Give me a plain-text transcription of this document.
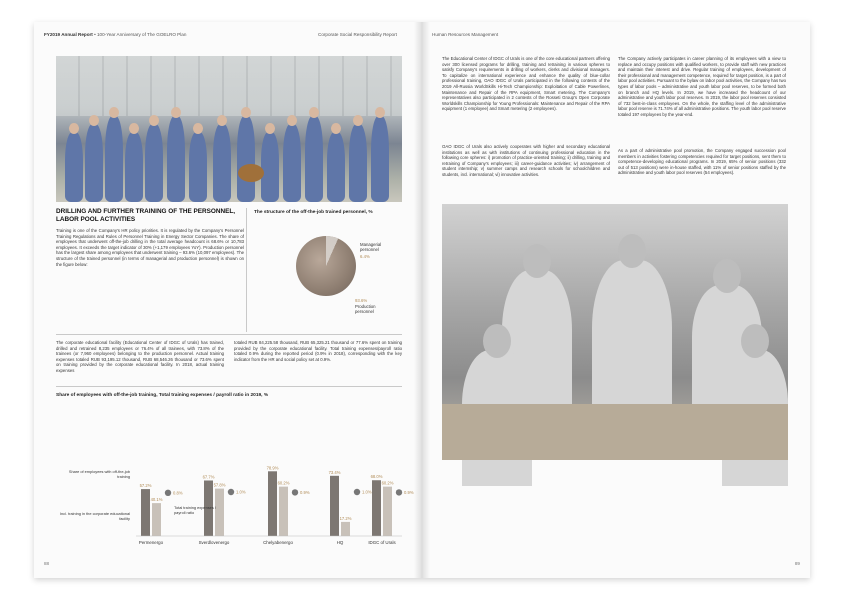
FY2019 Annual Report • 100-Year Anniversary of The GOELRO Plan	Corporate Social Responsibility Report
DRILLING AND FURTHER TRAINING OF THE PERSONNEL, LABOR POOL ACTIVITIES
Training is one of the Company's HR policy priorities. It is regulated by the Company's Personnel Training Regulations and Rules of Personnel Training in Energy Sector Companies. The share of employees that underwent off-the-job drilling in the total average headcount is 68.6% or 10,783 employees. It exceeds the target indicator of 30% (+1,179 employees YoY). Production personnel has the largest share among employees that underwent training – 93.6% (10,097 employees). The structure of the trained personnel (in terms of managerial and production personnel) is shown on the figure below:
The structure of the off-the-job trained personnel, %
Managerial personnel
6.4%
93.6%
Production personnel
The corporate educational facility (Educational Center of IDGC of Urals) has trained, drilled and retrained 8,235 employees or 76.4% of all trainees, with 73.8% of the trainees (or 7,960 employees) belonging to the production personnel. Actual training expenses totaled RUB 93,195.12 thousand, RUB 68,546.26 thousand or 73.6% spent on training provided by the corporate educational facility. In 2018, actual training expenses
totaled RUB 84,225.58 thousand, RUB 65,325.21 thousand or 77.6% spent on training provided by the corporate educational facility. Total training expenses/payroll ratio totaled 0.9% during the reported period (0.9% in 2018), corresponding with the key indicator from the HR and social policy set at 0.9%.
Share of employees with off-the-job training, Total training expenses / payroll ratio in 2019, %
57.2%
40.1%
0.8%
Permenergo
67.7%
57.8%
1.0%
Sverdlovenergo
78.9%
60.2%
0.9%
Chelyabenergo
73.4%
17.2%
1.0%
HQ
68.0%
60.2%
0.9%
IDGC of Urals
Share of employees with off-the-job training
Incl. training in the corporate educational facility
Total training expenses / payroll ratio
88
Human Resources Management
The Educational Center of IDGC of Urals is one of the core educational partners offering over 300 licensed programs for drilling, training and retraining in various spheres to satisfy Company's requirements in drilling of workers, clerks and divisional managers. To capitalize on international experience and enhance the quality of blue-collar professional training, OAO IDGC of Urals participated in the following contests of the 2019 All-Russia WorldSkills Hi-Tech Championship: Exploitation of Cable Powerlines, Maintenance and Repair of the RPA equipment, Smart metering. The Company's representatives also participated in 2 contests of the Rosseti Group's Open Corporate Worldskills Championship for Young Professionals: Maintenance and Repair of the RPA equipment (1 employee) and Smart metering (2 employees).
OAO IDGC of Urals also actively cooperates with higher and secondary educational institutions as well as with institutions of continuing professional education in the following core spheres: i) promotion of practice-oriented training; ii) drilling, training and retraining of Company's employees; iii) career-guidance activities; iv) arrangement of student internship; v) summer camps and research schools for schoolchildren and students, incl. international; vi) innovative activities.
The Company actively participates in career planning of its employees with a view to replace and occupy positions with qualified workers, to provide staff with new practices and maintain their interest and drive. Regular training of employees, development of their professional and management competence, required for target position, is a part of labor pool activities. Pursuant to the bylaw on labor pool activities, the Company has two types of labor pools – administrative and youth labor pool reserves, to be formed both on branch and HQ levels. In 2019, we have increased the headcount of our administrative and youth labor pool reserves. In 2019, the labor pool reserves consisted of 732 best-in-class employees. On the whole, the staffing level of the administrative labor pool reserve is 71.74% of all administrative positions. The youth labor pool reserve totaled 197 employees by the year-end.
As a part of administrative pool promotion, the Company engaged succession pool members in activities fostering competencies required for target positions, sent them to competence-developing educational programs. In 2019, 65% of senior positions (332 out of 513 positions) were in-house staffed, with 11% of senior positions staffed by the administrative and youth labor pool reserves (54 employees).
89
